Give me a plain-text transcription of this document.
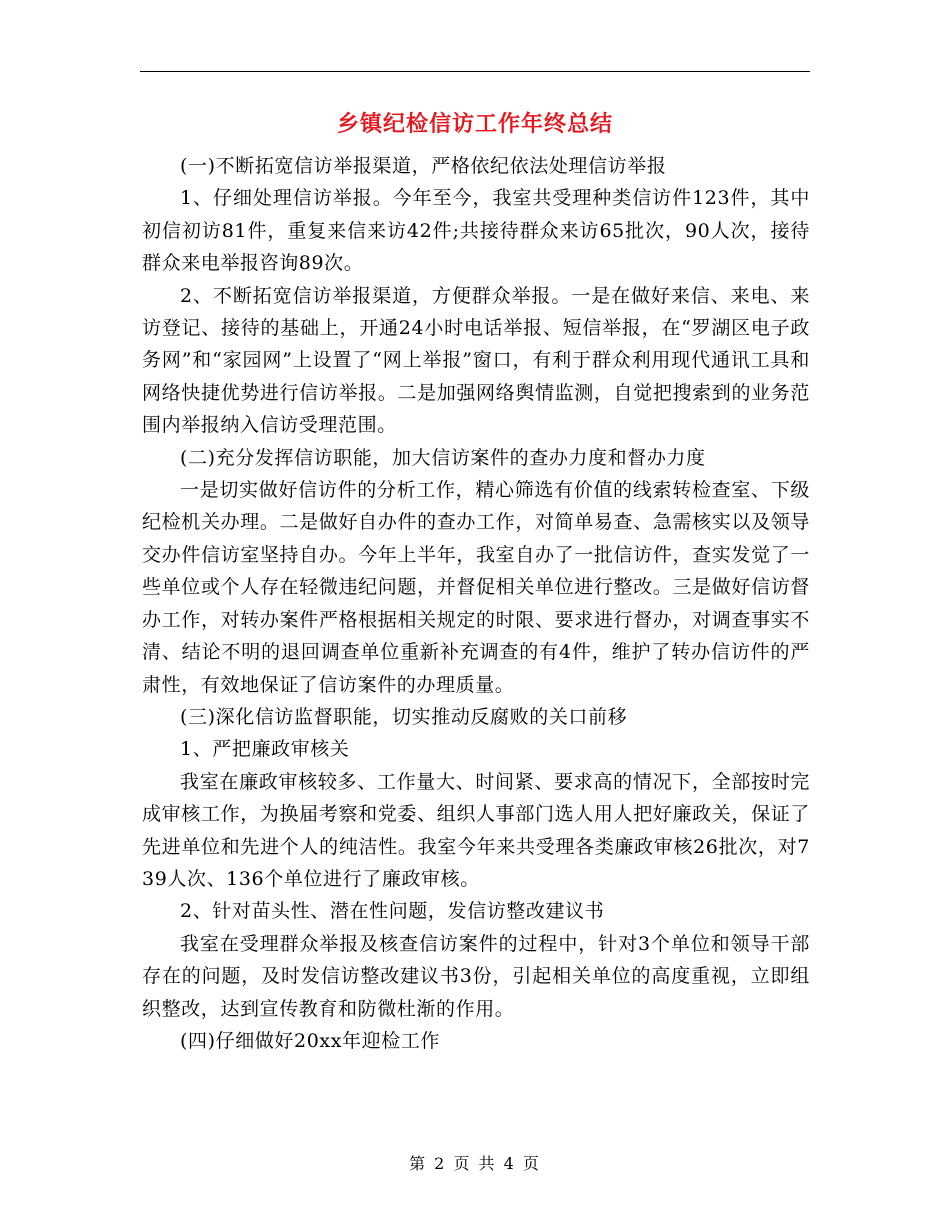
乡镇纪检信访工作年终总结

(一)不断拓宽信访举报渠道，严格依纪依法处理信访举报

1、仔细处理信访举报。今年至今，我室共受理种类信访件123件，其中初信初访81件，重复来信来访42件;共接待群众来访65批次，90人次，接待群众来电举报咨询89次。

2、不断拓宽信访举报渠道，方便群众举报。一是在做好来信、来电、来访登记、接待的基础上，开通24小时电话举报、短信举报，在“罗湖区电子政务网”和“家园网”上设置了“网上举报”窗口，有利于群众利用现代通讯工具和网络快捷优势进行信访举报。二是加强网络舆情监测，自觉把搜索到的业务范围内举报纳入信访受理范围。

(二)充分发挥信访职能，加大信访案件的查办力度和督办力度

一是切实做好信访件的分析工作，精心筛选有价值的线索转检查室、下级纪检机关办理。二是做好自办件的查办工作，对简单易查、急需核实以及领导交办件信访室坚持自办。今年上半年，我室自办了一批信访件，查实发觉了一些单位或个人存在轻微违纪问题，并督促相关单位进行整改。三是做好信访督办工作，对转办案件严格根据相关规定的时限、要求进行督办，对调查事实不清、结论不明的退回调查单位重新补充调查的有4件，维护了转办信访件的严肃性，有效地保证了信访案件的办理质量。

(三)深化信访监督职能，切实推动反腐败的关口前移

1、严把廉政审核关

我室在廉政审核较多、工作量大、时间紧、要求高的情况下，全部按时完成审核工作，为换届考察和党委、组织人事部门选人用人把好廉政关，保证了先进单位和先进个人的纯洁性。我室今年来共受理各类廉政审核26批次，对739人次、136个单位进行了廉政审核。

2、针对苗头性、潜在性问题，发信访整改建议书

我室在受理群众举报及核查信访案件的过程中，针对3个单位和领导干部存在的问题，及时发信访整改建议书3份，引起相关单位的高度重视，立即组织整改，达到宣传教育和防微杜渐的作用。

(四)仔细做好20xx年迎检工作

第 2 页 共 4 页
